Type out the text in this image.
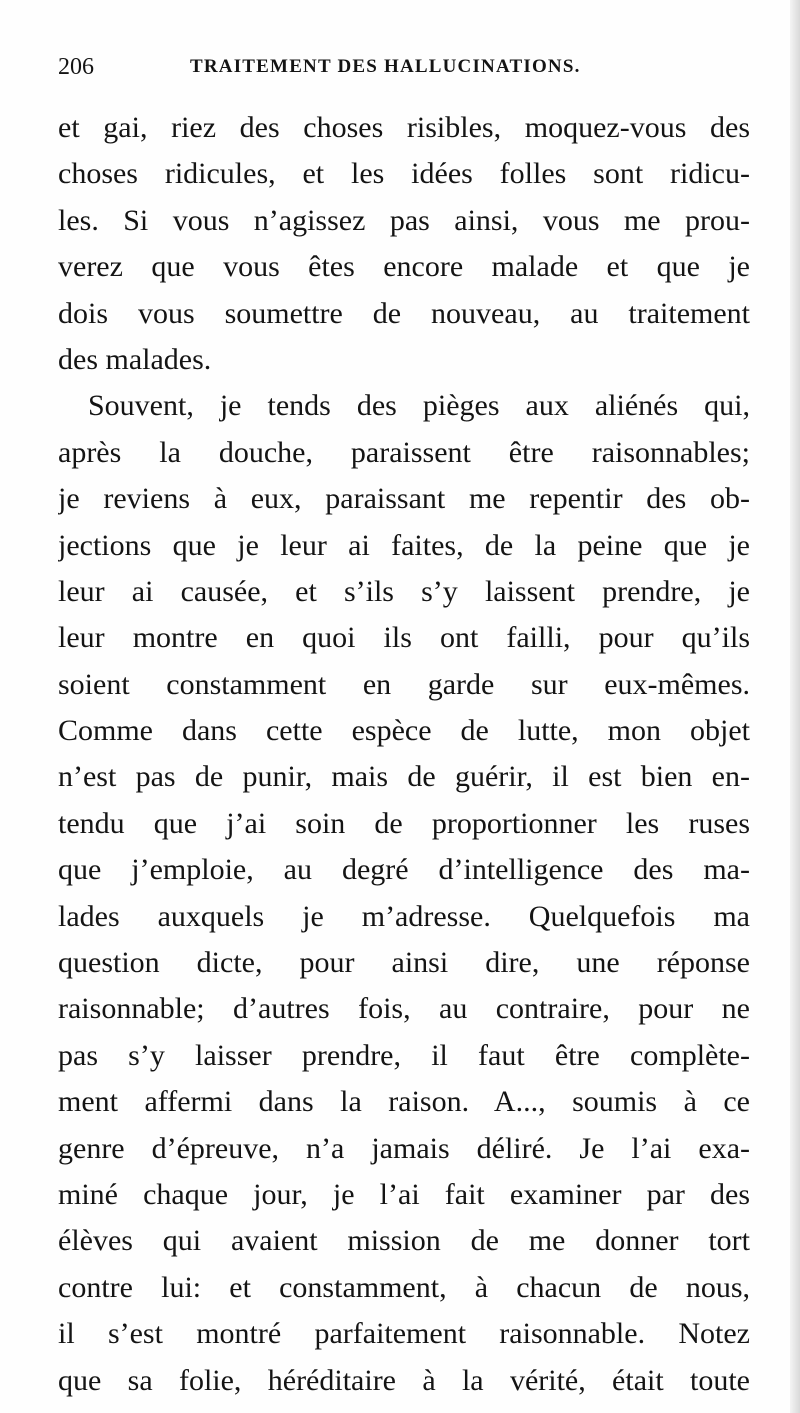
206	TRAITEMENT DES HALLUCINATIONS.
et gai, riez des choses risibles, moquez-vous des
choses ridicules, et les idées folles sont ridicu-
les. Si vous n’agissez pas ainsi, vous me prou-
verez que vous êtes encore malade et que je
dois vous soumettre de nouveau, au traitement
des malades.
Souvent, je tends des pièges aux aliénés qui,
après la douche, paraissent être raisonnables;
je reviens à eux, paraissant me repentir des ob-
jections que je leur ai faites, de la peine que je
leur ai causée, et s’ils s’y laissent prendre, je
leur montre en quoi ils ont failli, pour qu’ils
soient constamment en garde sur eux-mêmes.
Comme dans cette espèce de lutte, mon objet
n’est pas de punir, mais de guérir, il est bien en-
tendu que j’ai soin de proportionner les ruses
que j’emploie, au degré d’intelligence des ma-
lades auxquels je m’adresse. Quelquefois ma
question dicte, pour ainsi dire, une réponse
raisonnable; d’autres fois, au contraire, pour ne
pas s’y laisser prendre, il faut être complète-
ment affermi dans la raison. A..., soumis à ce
genre d’épreuve, n’a jamais déliré. Je l’ai exa-
miné chaque jour, je l’ai fait examiner par des
élèves qui avaient mission de me donner tort
contre lui: et constamment, à chacun de nous,
il s’est montré parfaitement raisonnable. Notez
que sa folie, héréditaire à la vérité, était toute
